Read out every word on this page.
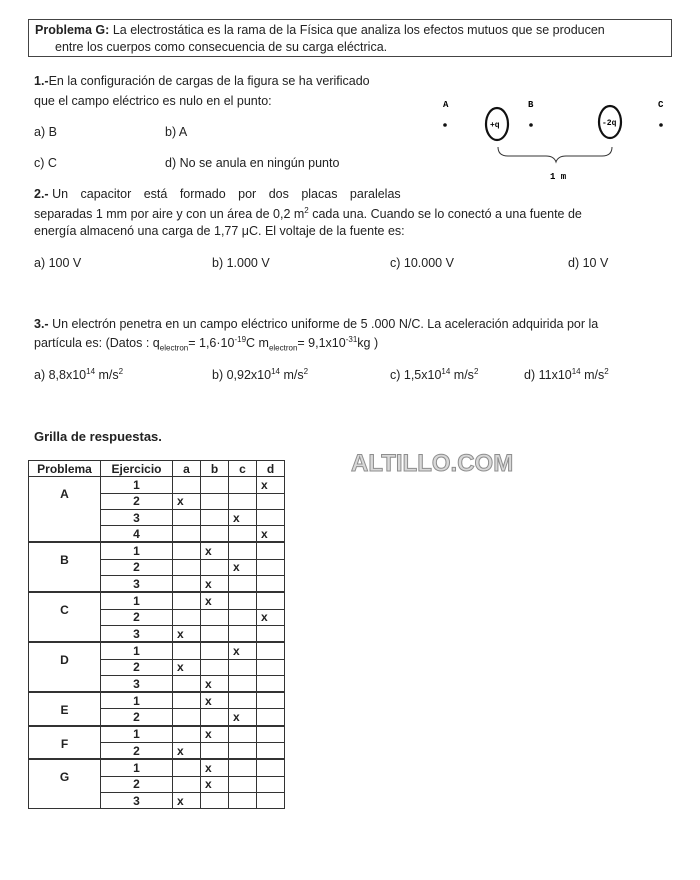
Problema G: La electrostática es la rama de la Física que analiza los efectos mutuos que se producen
entre los cuerpos como consecuencia de su carga eléctrica.
1.-En la configuración de cargas de la figura se ha verificado
que el campo eléctrico es nulo en el punto:
a) B	b) A
c) C	d) No se anula en ningún punto
A
+q
B
-2q
C
1 m
2.- Un capacitor está formado por dos placas paralelas
separadas 1 mm por aire y con un área de 0,2 $m^2$ cada una. Cuando se lo conectó a una fuente de
energía almacenó una carga de 1,77 μC. El voltaje de la fuente es:
a) 100 V	b) 1.000 V	c) 10.000 V	d) 10 V
3.- Un electrón penetra en un campo eléctrico uniforme de 5 .000 N/C. La aceleración adquirida por la
partícula es: (Datos : $q_{electron}= 1,6\cdot 10^{-19}C$ $m_{electron}= 9,1x10^{-31}kg$ )
a) $8,8x10^{14}$ $m/s^2$	b) $0,92x10^{14}$ $m/s^2$	c) $1,5x10^{14}$ $m/s^2$	d) $11x10^{14}$ $m/s^2$
Grilla de respuestas.
ALTILLO.COM
Problema	Ejercicio	a	b	c	d
A	1				x
	2	x			
	3			x	
	4				x
B	1		x		
	2			x	
	3		x		
C	1		x		
	2				x
	3	x			
D	1			x	
	2	x			
	3		x		
E	1		x		
	2			x	
F	1		x		
	2	x			
G	1		x		
	2		x		
	3	x			
